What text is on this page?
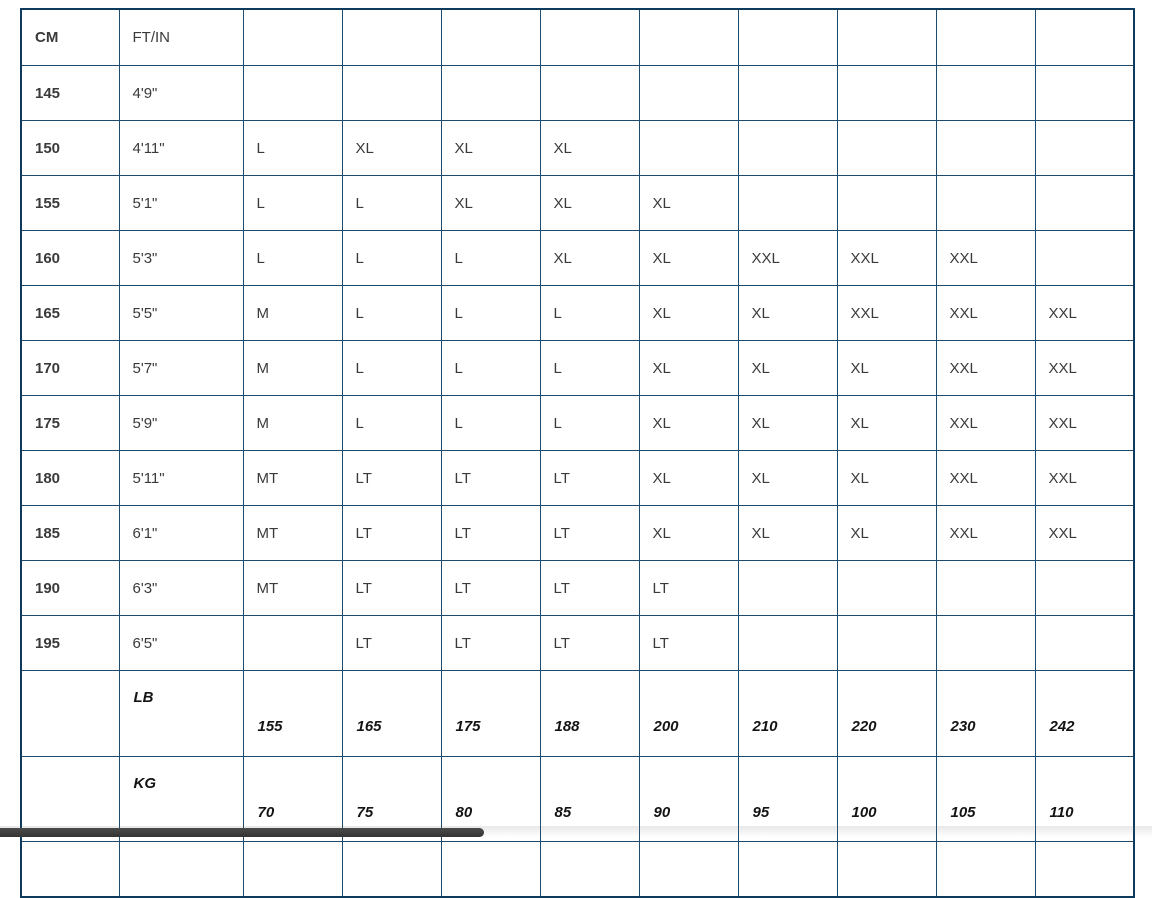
CM	FT/IN									
145	4'9"									
150	4'11"	L	XL	XL	XL					
155	5'1"	L	L	XL	XL	XL				
160	5'3"	L	L	L	XL	XL	XXL	XXL	XXL	
165	5'5"	M	L	L	L	XL	XL	XXL	XXL	XXL
170	5'7"	M	L	L	L	XL	XL	XL	XXL	XXL
175	5'9"	M	L	L	L	XL	XL	XL	XXL	XXL
180	5'11"	MT	LT	LT	LT	XL	XL	XL	XXL	XXL
185	6'1"	MT	LT	LT	LT	XL	XL	XL	XXL	XXL
190	6'3"	MT	LT	LT	LT	LT				
195	6'5"		LT	LT	LT	LT				

	LB	155	165	175	188	200	210	220	230	242

	KG	70	75	80	85	90	95	100	105	110
